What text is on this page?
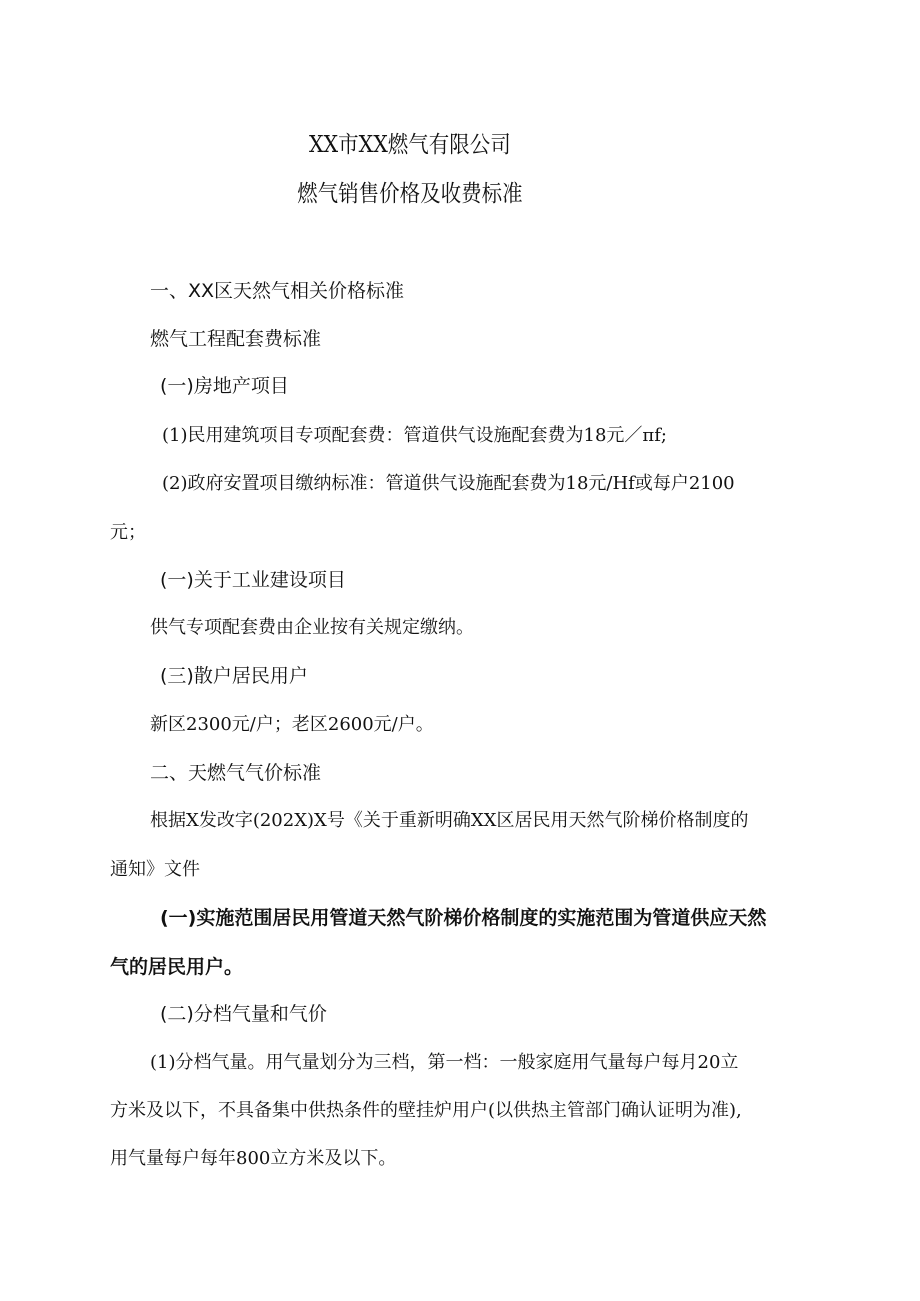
XX市XX燃气有限公司
燃气销售价格及收费标准
一、XX区天然气相关价格标准
燃气工程配套费标准
(一)房地产项目
(1)民用建筑项目专项配套费：管道供气设施配套费为18元／πf;
(2)政府安置项目缴纳标准：管道供气设施配套费为18元/Hf或每户2100
元；
(一)关于工业建设项目
供气专项配套费由企业按有关规定缴纳。
(三)散户居民用户
新区2300元/户；老区2600元/户。
二、天燃气气价标准
根据X发改字(202X)X号《关于重新明确XX区居民用天然气阶梯价格制度的
通知》文件
(一)实施范围居民用管道天然气阶梯价格制度的实施范围为管道供应天然
气的居民用户。
(二)分档气量和气价
(1)分档气量。用气量划分为三档，第一档：一般家庭用气量每户每月20立
方米及以下，不具备集中供热条件的壁挂炉用户(以供热主管部门确认证明为准),
用气量每户每年800立方米及以下。
